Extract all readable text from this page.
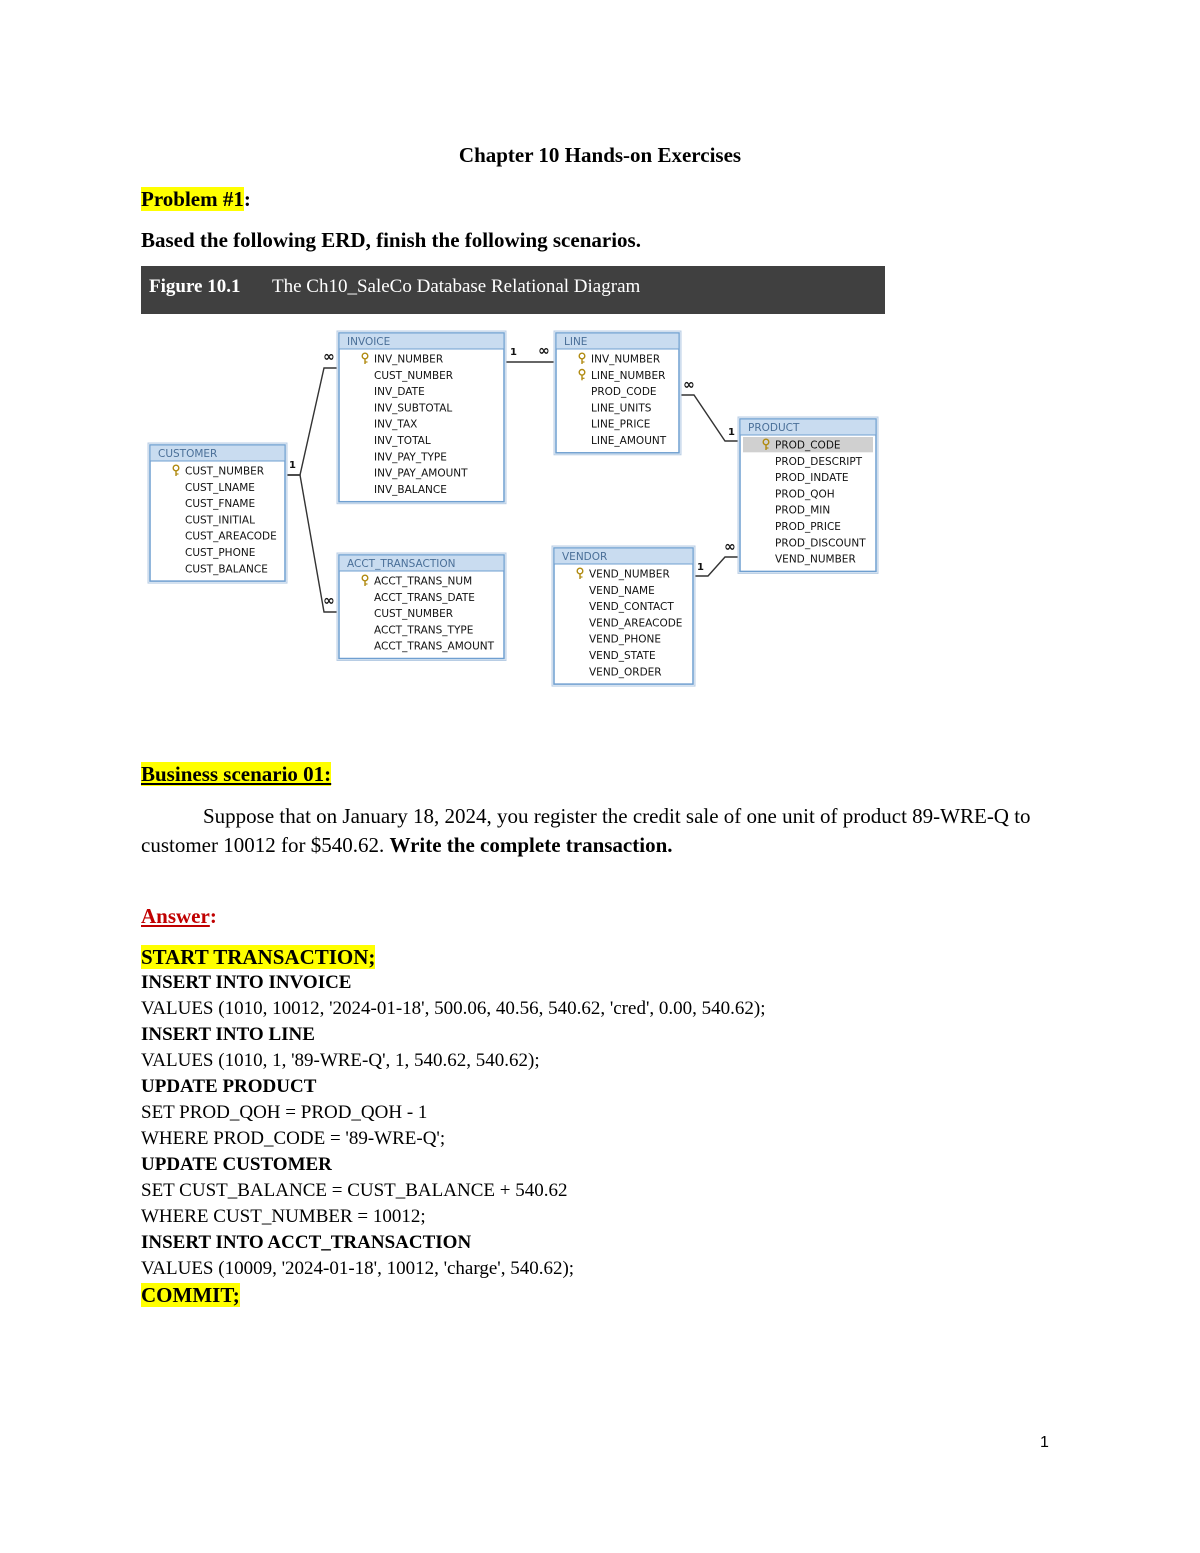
Chapter 10 Hands-on Exercises
Problem #1:
Based the following ERD, finish the following scenarios.
Figure 10.1 The Ch10_SaleCo Database Relational Diagram
CUSTOMER
CUST_NUMBER
CUST_LNAME
CUST_FNAME
CUST_INITIAL
CUST_AREACODE
CUST_PHONE
CUST_BALANCE
INVOICE
INV_NUMBER
CUST_NUMBER
INV_DATE
INV_SUBTOTAL
INV_TAX
INV_TOTAL
INV_PAY_TYPE
INV_PAY_AMOUNT
INV_BALANCE
LINE
INV_NUMBER
LINE_NUMBER
PROD_CODE
LINE_UNITS
LINE_PRICE
LINE_AMOUNT
PRODUCT
PROD_CODE
PROD_DESCRIPT
PROD_INDATE
PROD_QOH
PROD_MIN
PROD_PRICE
PROD_DISCOUNT
VEND_NUMBER
ACCT_TRANSACTION
ACCT_TRANS_NUM
ACCT_TRANS_DATE
CUST_NUMBER
ACCT_TRANS_TYPE
ACCT_TRANS_AMOUNT
VENDOR
VEND_NUMBER
VEND_NAME
VEND_CONTACT
VEND_AREACODE
VEND_PHONE
VEND_STATE
VEND_ORDER
1
∞
∞
1 ∞
∞
1
1
∞
Business scenario 01:
Suppose that on January 18, 2024, you register the credit sale of one unit of product 89-WRE-Q to customer 10012 for $540.62. Write the complete transaction.
Answer:
START TRANSACTION;
INSERT INTO INVOICE
VALUES (1010, 10012, '2024-01-18', 500.06, 40.56, 540.62, 'cred', 0.00, 540.62);
INSERT INTO LINE
VALUES (1010, 1, '89-WRE-Q', 1, 540.62, 540.62);
UPDATE PRODUCT
SET PROD_QOH = PROD_QOH - 1
WHERE PROD_CODE = '89-WRE-Q';
UPDATE CUSTOMER
SET CUST_BALANCE = CUST_BALANCE + 540.62
WHERE CUST_NUMBER = 10012;
INSERT INTO ACCT_TRANSACTION
VALUES (10009, '2024-01-18', 10012, 'charge', 540.62);
COMMIT;
1
